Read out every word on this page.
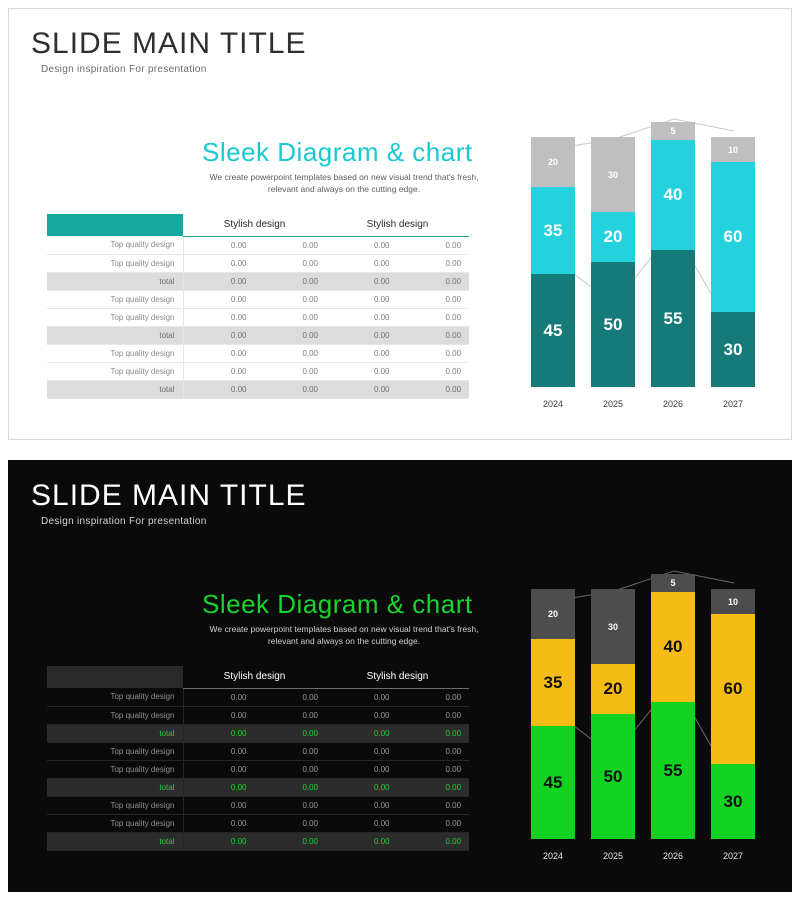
SLIDE MAIN TITLE
Design inspiration For presentation
Sleek Diagram & chart
We create powerpoint templates based on new visual trend that's fresh, relevant and always on the cutting edge.
	Stylish design		Stylish design	
Top quality design	0.00	0.00	0.00	0.00
Top quality design	0.00	0.00	0.00	0.00
total	0.00	0.00	0.00	0.00
Top quality design	0.00	0.00	0.00	0.00
Top quality design	0.00	0.00	0.00	0.00
total	0.00	0.00	0.00	0.00
Top quality design	0.00	0.00	0.00	0.00
Top quality design	0.00	0.00	0.00	0.00
total	0.00	0.00	0.00	0.00
20
35
45
30
20
50
5
40
55
10
60
30
2024	2025	2026	2027
SLIDE MAIN TITLE
Design inspiration For presentation
Sleek Diagram & chart
We create powerpoint templates based on new visual trend that's fresh, relevant and always on the cutting edge.
	Stylish design		Stylish design	
Top quality design	0.00	0.00	0.00	0.00
Top quality design	0.00	0.00	0.00	0.00
total	0.00	0.00	0.00	0.00
Top quality design	0.00	0.00	0.00	0.00
Top quality design	0.00	0.00	0.00	0.00
total	0.00	0.00	0.00	0.00
Top quality design	0.00	0.00	0.00	0.00
Top quality design	0.00	0.00	0.00	0.00
total	0.00	0.00	0.00	0.00
20
35
45
30
20
50
5
40
55
10
60
30
2024	2025	2026	2027
